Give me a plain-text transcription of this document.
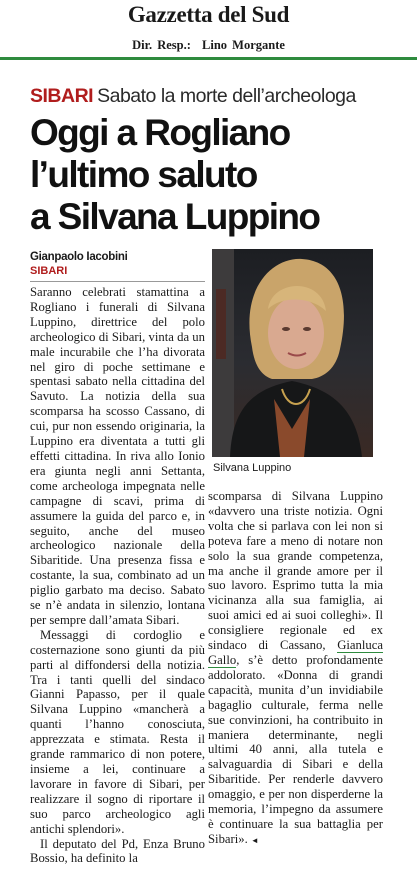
Gazzetta del Sud
Dir. Resp.: Lino Morgante
SIBARI Sabato la morte dell’archeologa
Oggi a Rogliano
l’ultimo saluto
a Silvana Luppino
Gianpaolo Iacobini
SIBARI

Saranno celebrati stamattina a Rogliano i funerali di Silvana Luppino, direttrice del polo archeologico di Sibari, vinta da un male incurabile che l’ha divorata nel giro di poche settimane e spentasi sabato nella cittadina del Savuto. La notizia della sua scomparsa ha scosso Cassano, di cui, pur non essendo originaria, la Luppino era diventata a tutti gli effetti cittadina. In riva allo Ionio era giunta negli anni Settanta, come archeologa impegnata nelle campagne di scavi, prima di assumere la guida del parco e, in seguito, anche del museo archeologico nazionale della Sibaritide. Una presenza fissa e costante, la sua, combinato ad un piglio garbato ma deciso. Sabato se n’è andata in silenzio, lontana per sempre dall’amata Sibari.

Messaggi di cordoglio e costernazione sono giunti da più parti al diffondersi della notizia. Tra i tanti quelli del sindaco Gianni Papasso, per il quale Silvana Luppino «mancherà a quanti l’hanno conosciuta, apprezzata e stimata. Resta il grande rammarico di non potere, insieme a lei, continuare a lavorare in favore di Sibari, per realizzare il sogno di riportare il suo parco archeologico agli antichi splendori».

Il deputato del Pd, Enza Bruno Bossio, ha definito la

Silvana Luppino

scomparsa di Silvana Luppino «davvero una triste notizia. Ogni volta che si parlava con lei non si poteva fare a meno di notare non solo la sua grande competenza, ma anche il grande amore per il suo lavoro. Esprimo tutta la mia vicinanza alla sua famiglia, ai suoi amici ed ai suoi colleghi». Il consigliere regionale ed ex sindaco di Cassano, Gianluca Gallo, s’è detto profondamente addolorato. «Donna di grandi capacità, munita d’un invidiabile bagaglio culturale, ferma nelle sue convinzioni, ha contribuito in maniera determinante, negli ultimi 40 anni, alla tutela e salvaguardia di Sibari e della Sibaritide. Per renderle davvero omaggio, e per non disperderne la memoria, l’impegno da assumere è continuare la sua battaglia per Sibari». ◄
